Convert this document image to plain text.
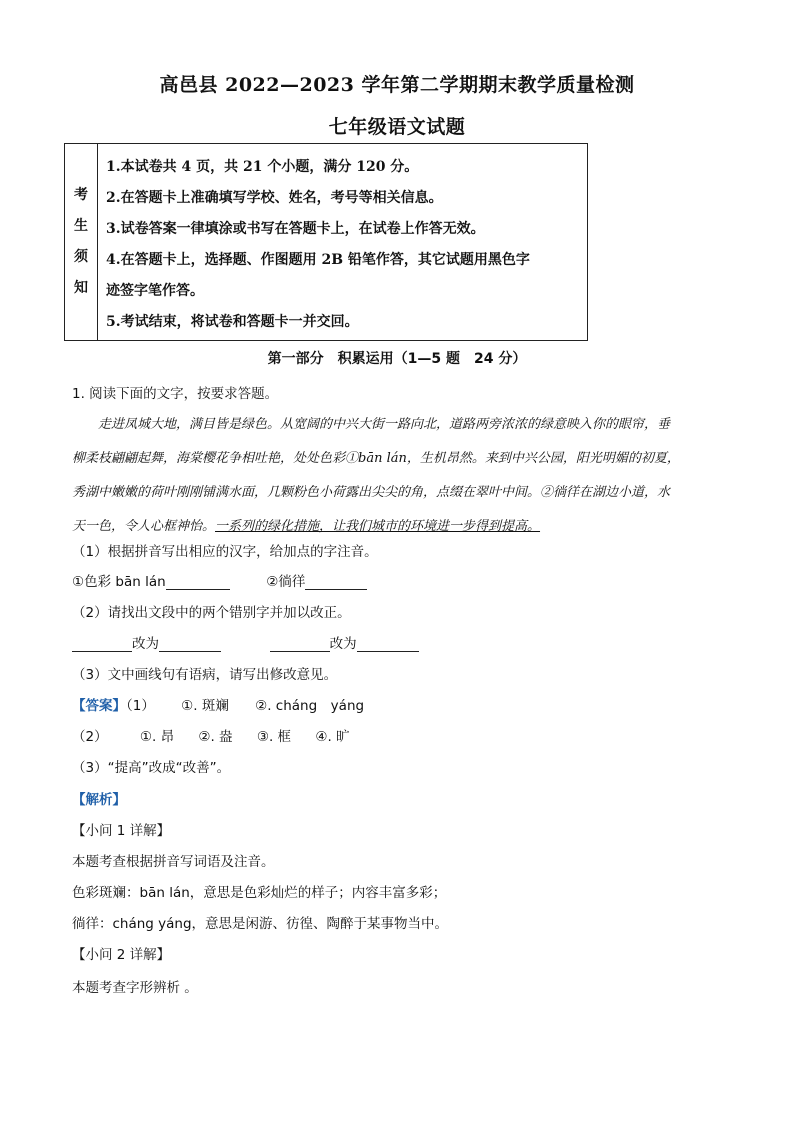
高邑县 2022—2023 学年第二学期期末教学质量检测
七年级语文试题
考
生
须
知
1.本试卷共 4 页，共 21 个小题，满分 120 分。
2.在答题卡上准确填写学校、姓名，考号等相关信息。
3.试卷答案一律填涂或书写在答题卡上，在试卷上作答无效。
4.在答题卡上，选择题、作图题用 2B 铅笔作答，其它试题用黑色字
迹签字笔作答。
5.考试结束，将试卷和答题卡一并交回。
第一部分　积累运用（1—5 题　24 分）
1. 阅读下面的文字，按要求答题。

走进凤城大地，满目皆是绿色。从宽阔的中兴大街一路向北，道路两旁浓浓的绿意映入你的眼帘，垂

柳柔枝翩翩起舞，海棠樱花争相吐艳，处处色彩①bān lán，生机昂然。来到中兴公园，阳光明媚的初夏，

秀湖中嫩嫩的荷叶刚刚铺满水面，几颗粉色小荷露出尖尖的角，点缀在翠叶中间。②徜徉在湖边小道，水

天一色，令人心框神怡。一系列的绿化措施，让我们城市的环境进一步得到提高。

（1）根据拼音写出相应的汉字，给加点的字注音。
①色彩 bān lán	②徜徉
（2）请找出文段中的两个错别字并加以改正。
改为	改为
（3）文中画线句有语病，请写出修改意见。
【答案】（1） ①. 斑斓 ②. cháng　yáng
（2） ①. 昂 ②. 盎 ③. 框 ④. 旷
（3）“提高”改成“改善”。
【解析】
【小问 1 详解】
本题考查根据拼音写词语及注音。
色彩斑斓：bān lán，意思是色彩灿烂的样子；内容丰富多彩；
徜徉：cháng yáng，意思是闲游、彷徨、陶醉于某事物当中。
【小问 2 详解】
本题考查字形辨析 。
